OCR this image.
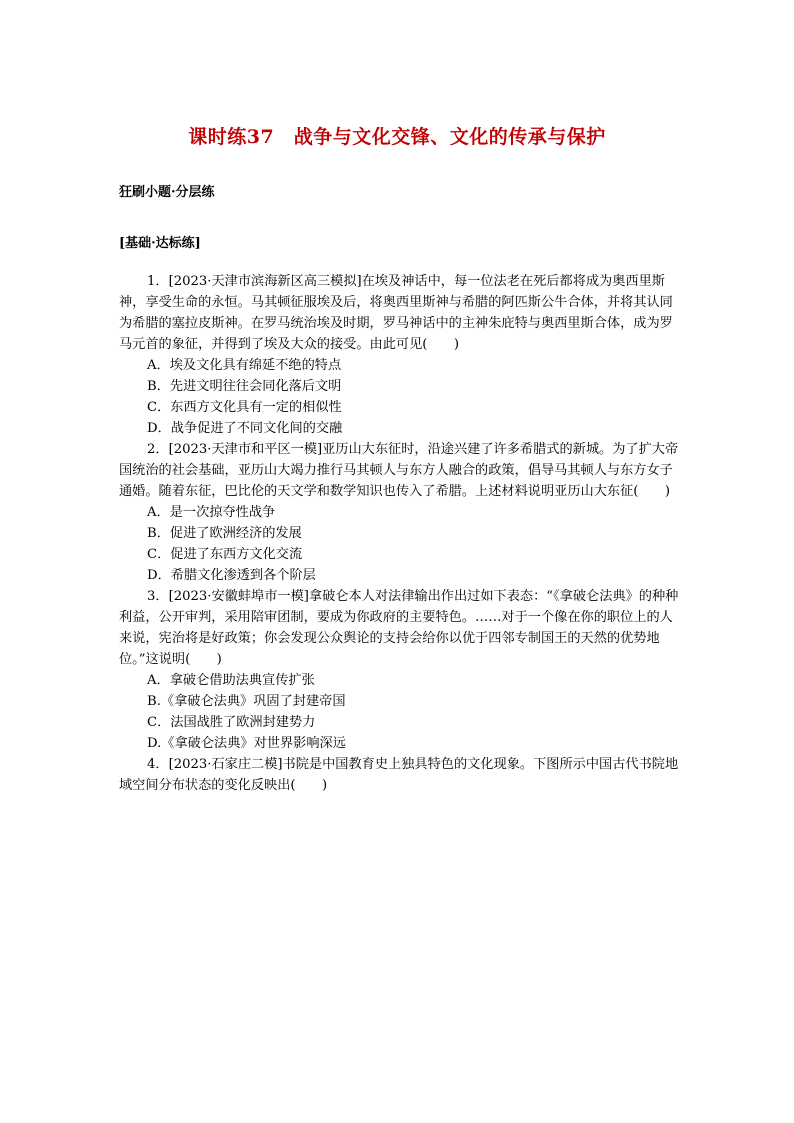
课时练37　战争与文化交锋、文化的传承与保护
狂刷小题·分层练
[基础·达标练]

1．[2023·天津市滨海新区高三模拟]在埃及神话中，每一位法老在死后都将成为奥西里斯神，享受生命的永恒。马其顿征服埃及后，将奥西里斯神与希腊的阿匹斯公牛合体，并将其认同为希腊的塞拉皮斯神。在罗马统治埃及时期，罗马神话中的主神朱庇特与奥西里斯合体，成为罗马元首的象征，并得到了埃及大众的接受。由此可见(　　)

A．埃及文化具有绵延不绝的特点

B．先进文明往往会同化落后文明

C．东西方文化具有一定的相似性

D．战争促进了不同文化间的交融

2．[2023·天津市和平区一模]亚历山大东征时，沿途兴建了许多希腊式的新城。为了扩大帝国统治的社会基础，亚历山大竭力推行马其顿人与东方人融合的政策，倡导马其顿人与东方女子通婚。随着东征，巴比伦的天文学和数学知识也传入了希腊。上述材料说明亚历山大东征(　　)

A．是一次掠夺性战争

B．促进了欧洲经济的发展

C．促进了东西方文化交流

D．希腊文化渗透到各个阶层

3．[2023·安徽蚌埠市一模]拿破仑本人对法律输出作出过如下表态：“《拿破仑法典》的种种利益，公开审判，采用陪审团制，要成为你政府的主要特色。……对于一个像在你的职位上的人来说，宪治将是好政策；你会发现公众舆论的支持会给你以优于四邻专制国王的天然的优势地位。”这说明(　　)

A．拿破仑借助法典宣传扩张

B.《拿破仑法典》巩固了封建帝国

C．法国战胜了欧洲封建势力

D.《拿破仑法典》对世界影响深远

4．[2023·石家庄二模]书院是中国教育史上独具特色的文化现象。下图所示中国古代书院地域空间分布状态的变化反映出(　　)
